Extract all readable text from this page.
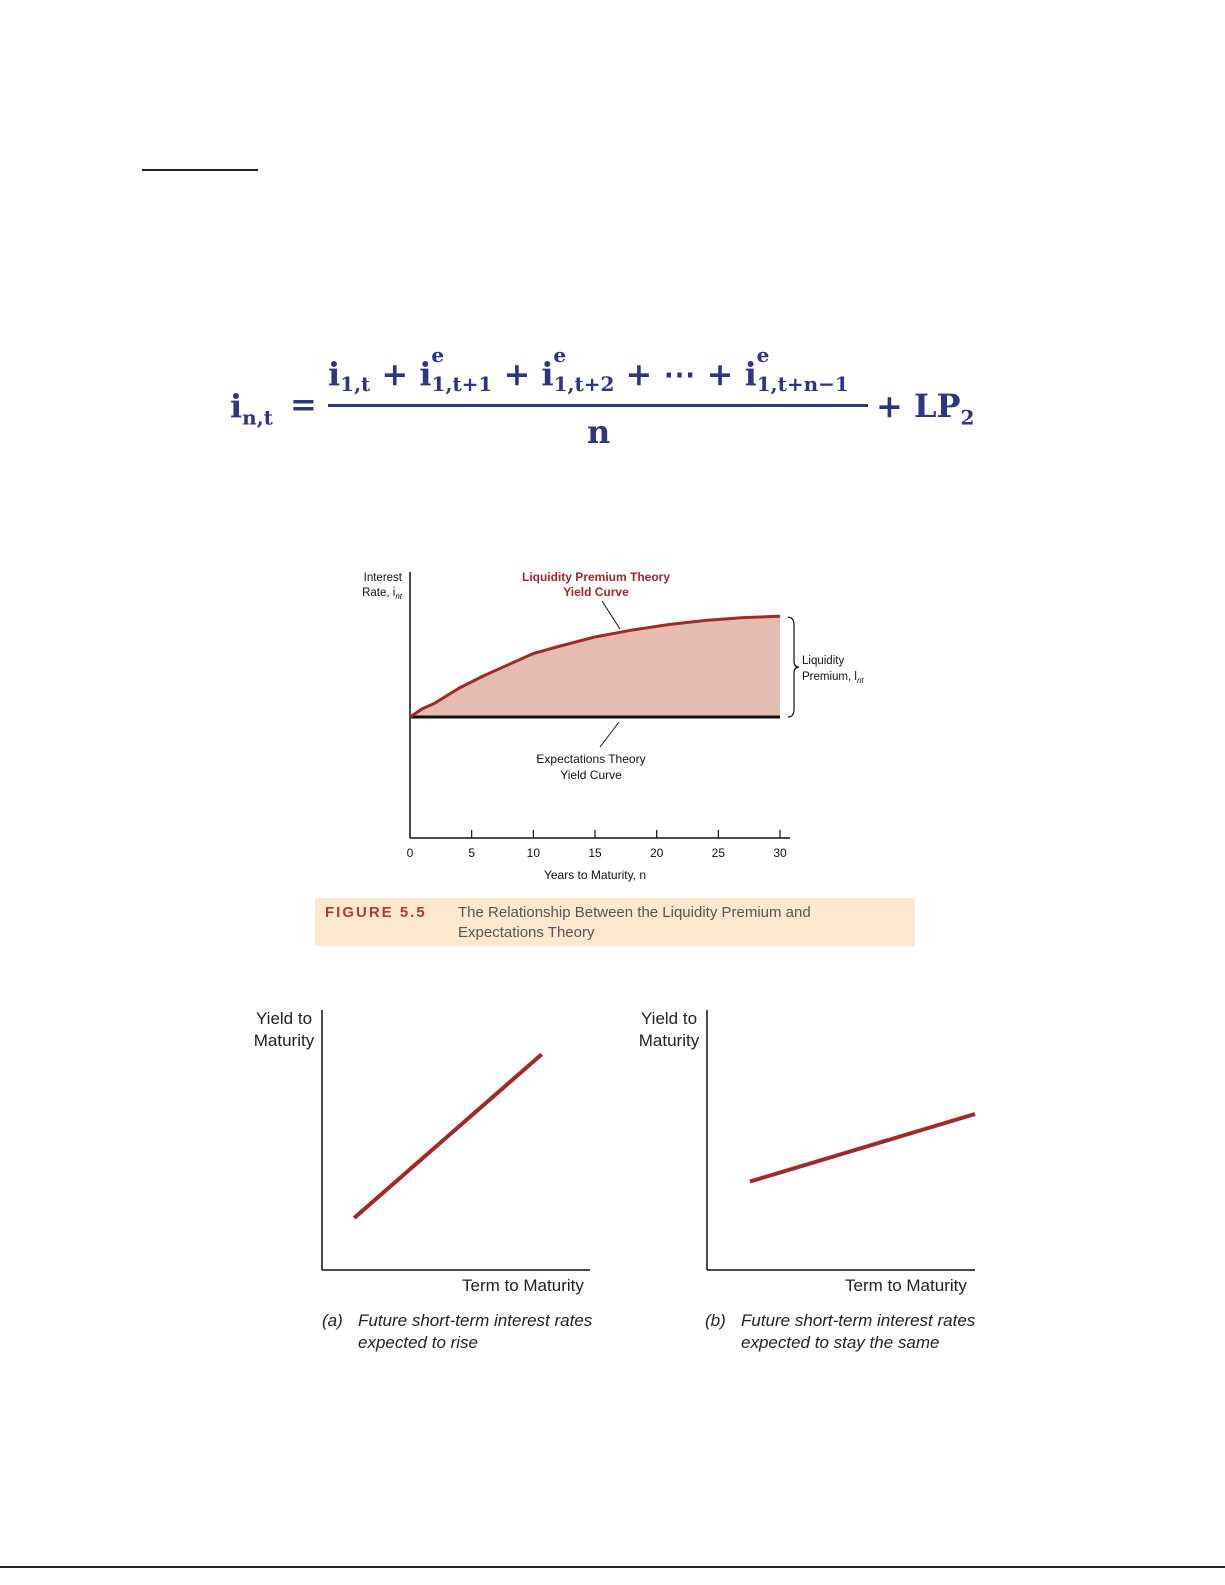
$i_{n,t}$ =
$i_{1,t} + i$ e
$_{1,t+1}$ + i e
$_{1,t+2}$ + ⋯ + i e
$_{1,t+n-1}$
n
+ $LP_2$
0	5	10	15	20	25	30
Years to Maturity, n
Interest
Rate, $i_{nt}$
Liquidity Premium Theory
Yield Curve
Expectations Theory
Yield Curve
Liquidity
Premium, $l_{nt}$
FIGURE 5.5 The Relationship Between the Liquidity Premium and Expectations Theory
Yield to
Maturity
Term to Maturity
(a) Future short-term interest rates
expected to rise
Yield to
Maturity
Term to Maturity
(b) Future short-term interest rates
expected to stay the same
